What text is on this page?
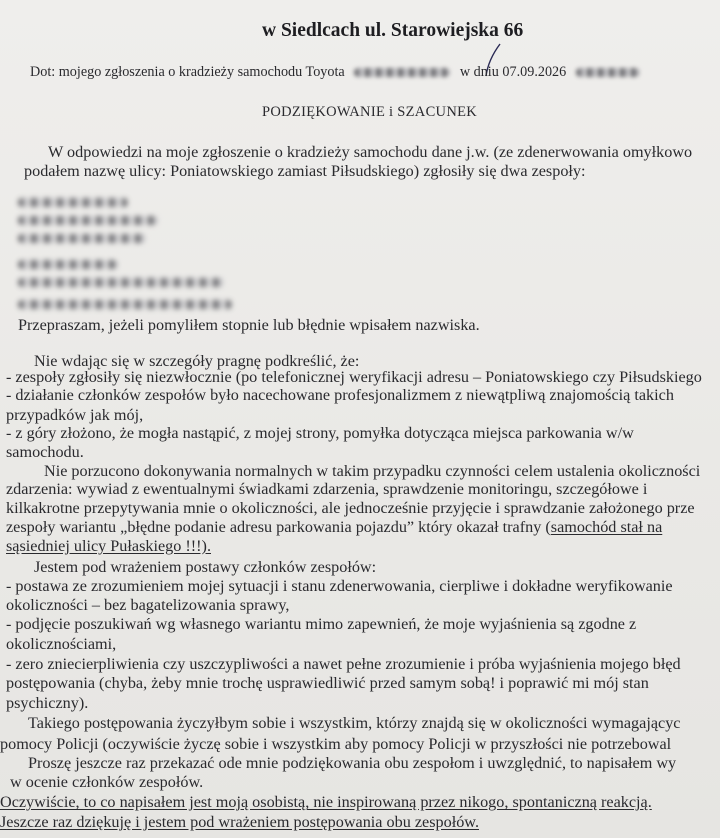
w Siedlcach ul. Starowiejska 66
Dot: mojego zgłoszenia o kradzieży samochodu Toyota	w dniu 07.09.2026
PODZIĘKOWANIE i SZACUNEK
W odpowiedzi na moje zgłoszenie o kradzieży samochodu dane j.w. (ze zdenerwowania omyłkowo
podałem nazwę ulicy: Poniatowskiego zamiast Piłsudskiego) zgłosiły się dwa zespoły:
Przepraszam, jeżeli pomyliłem stopnie lub błędnie wpisałem nazwiska.
Nie wdając się w szczegóły pragnę podkreślić, że:
- zespoły zgłosiły się niezwłocznie (po telefonicznej weryfikacji adresu – Poniatowskiego czy Piłsudskiego
- działanie członków zespołów było nacechowane profesjonalizmem z niewątpliwą znajomością takich
przypadków jak mój,
- z góry złożono, że mogła nastąpić, z mojej strony, pomyłka dotycząca miejsca parkowania w/w
samochodu.
Nie porzucono dokonywania normalnych w takim przypadku czynności celem ustalenia okoliczności
zdarzenia: wywiad z ewentualnymi świadkami zdarzenia, sprawdzenie monitoringu, szczegółowe i
kilkakrotne przepytywania mnie o okoliczności, ale jednocześnie przyjęcie i sprawdzanie założonego prze
zespoły wariantu „błędne podanie adresu parkowania pojazdu” który okazał trafny (samochód stał na
sąsiedniej ulicy Pułaskiego !!!).
Jestem pod wrażeniem postawy członków zespołów:
- postawa ze zrozumieniem mojej sytuacji i stanu zdenerwowania, cierpliwe i dokładne weryfikowanie
okoliczności – bez bagatelizowania sprawy,
- podjęcie poszukiwań wg własnego wariantu mimo zapewnień, że moje wyjaśnienia są zgodne z
okolicznościami,
- zero zniecierpliwienia czy uszczypliwości a nawet pełne zrozumienie i próba wyjaśnienia mojego błęd
postępowania (chyba, żeby mnie trochę usprawiedliwić przed samym sobą! i poprawić mi mój stan
psychiczny).
Takiego postępowania życzyłbym sobie i wszystkim, którzy znajdą się w okoliczności wymagającyc
pomocy Policji (oczywiście życzę sobie i wszystkim aby pomocy Policji w przyszłości nie potrzebowal
Proszę jeszcze raz przekazać ode mnie podziękowania obu zespołom i uwzględnić, to napisałem wy
w ocenie członków zespołów.
Oczywiście, to co napisałem jest moją osobistą, nie inspirowaną przez nikogo, spontaniczną reakcją.
Jeszcze raz dziękuję i jestem pod wrażeniem postępowania obu zespołów.
